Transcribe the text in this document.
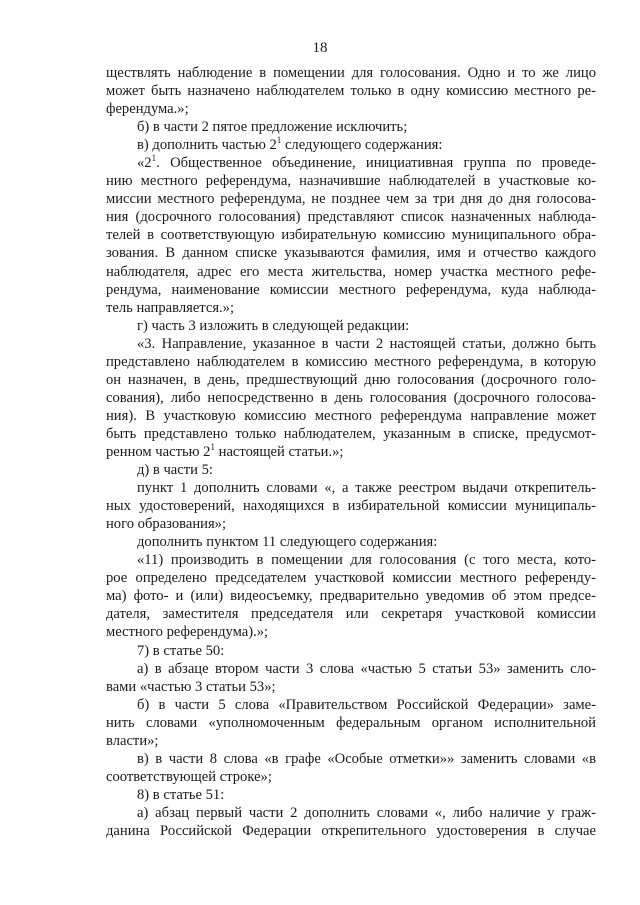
18
ществлять наблюдение в помещении для голосования. Одно и то же лицо
может быть назначено наблюдателем только в одну комиссию местного ре-
ферендума.»;
б) в части 2 пятое предложение исключить;
в) дополнить частью $2^1$ следующего содержания:
«$2^1$. Общественное объединение, инициативная группа по проведе-
нию местного референдума, назначившие наблюдателей в участковые ко-
миссии местного референдума, не позднее чем за три дня до дня голосова-
ния (досрочного голосования) представляют список назначенных наблюда-
телей в соответствующую избирательную комиссию муниципального обра-
зования. В данном списке указываются фамилия, имя и отчество каждого
наблюдателя, адрес его места жительства, номер участка местного рефе-
рендума, наименование комиссии местного референдума, куда наблюда-
тель направляется.»;
г) часть 3 изложить в следующей редакции:
«3. Направление, указанное в части 2 настоящей статьи, должно быть
представлено наблюдателем в комиссию местного референдума, в которую
он назначен, в день, предшествующий дню голосования (досрочного голо-
сования), либо непосредственно в день голосования (досрочного голосова-
ния). В участковую комиссию местного референдума направление может
быть представлено только наблюдателем, указанным в списке, предусмот-
ренном частью $2^1$ настоящей статьи.»;
д) в части 5:
пункт 1 дополнить словами «, а также реестром выдачи открепитель-
ных удостоверений, находящихся в избирательной комиссии муниципаль-
ного образования»;
дополнить пунктом 11 следующего содержания:
«11) производить в помещении для голосования (с того места, кото-
рое определено председателем участковой комиссии местного референду-
ма) фото- и (или) видеосъемку, предварительно уведомив об этом предсе-
дателя, заместителя председателя или секретаря участковой комиссии
местного референдума).»;
7) в статье 50:
а) в абзаце втором части 3 слова «частью 5 статьи 53» заменить сло-
вами «частью 3 статьи 53»;
б) в части 5 слова «Правительством Российской Федерации» заме-
нить словами «уполномоченным федеральным органом исполнительной
власти»;
в) в части 8 слова «в графе «Особые отметки»» заменить словами «в
соответствующей строке»;
8) в статье 51:
а) абзац первый части 2 дополнить словами «, либо наличие у граж-
данина Российской Федерации открепительного удостоверения в случае
